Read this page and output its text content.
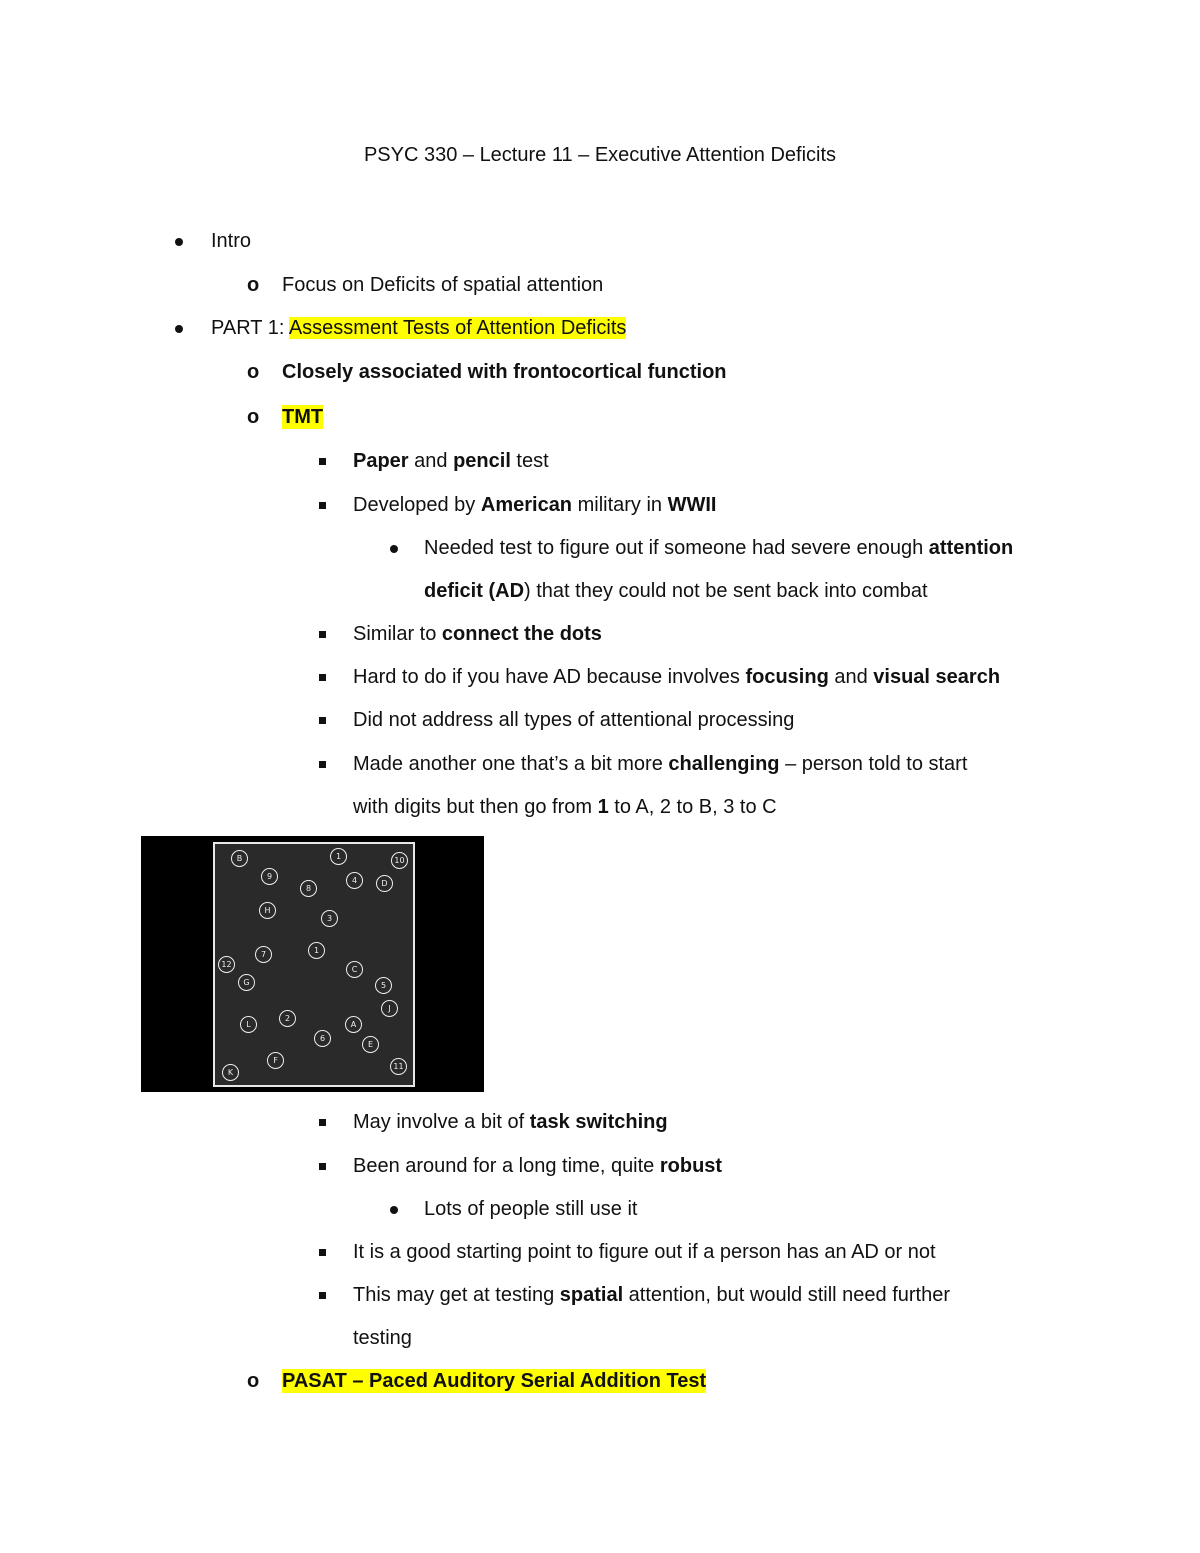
PSYC 330 – Lecture 11 – Executive Attention Deficits
Intro
o Focus on Deficits of spatial attention
PART 1: Assessment Tests of Attention Deficits
o Closely associated with frontocortical function
o TMT
Paper and pencil test
Developed by American military in WWII
Needed test to figure out if someone had severe enough attention
deficit (AD) that they could not be sent back into combat
Similar to connect the dots
Hard to do if you have AD because involves focusing and visual search
Did not address all types of attentional processing
Made another one that’s a bit more challenging – person told to start
with digits but then go from 1 to A, 2 to B, 3 to C
B	1	10
9	4	D
8
H
3
7	1
12
C
G	5
J
L
2
6
A
E
F
K
11
May involve a bit of task switching
Been around for a long time, quite robust
Lots of people still use it
It is a good starting point to figure out if a person has an AD or not
This may get at testing spatial attention, but would still need further
testing
o PASAT – Paced Auditory Serial Addition Test
